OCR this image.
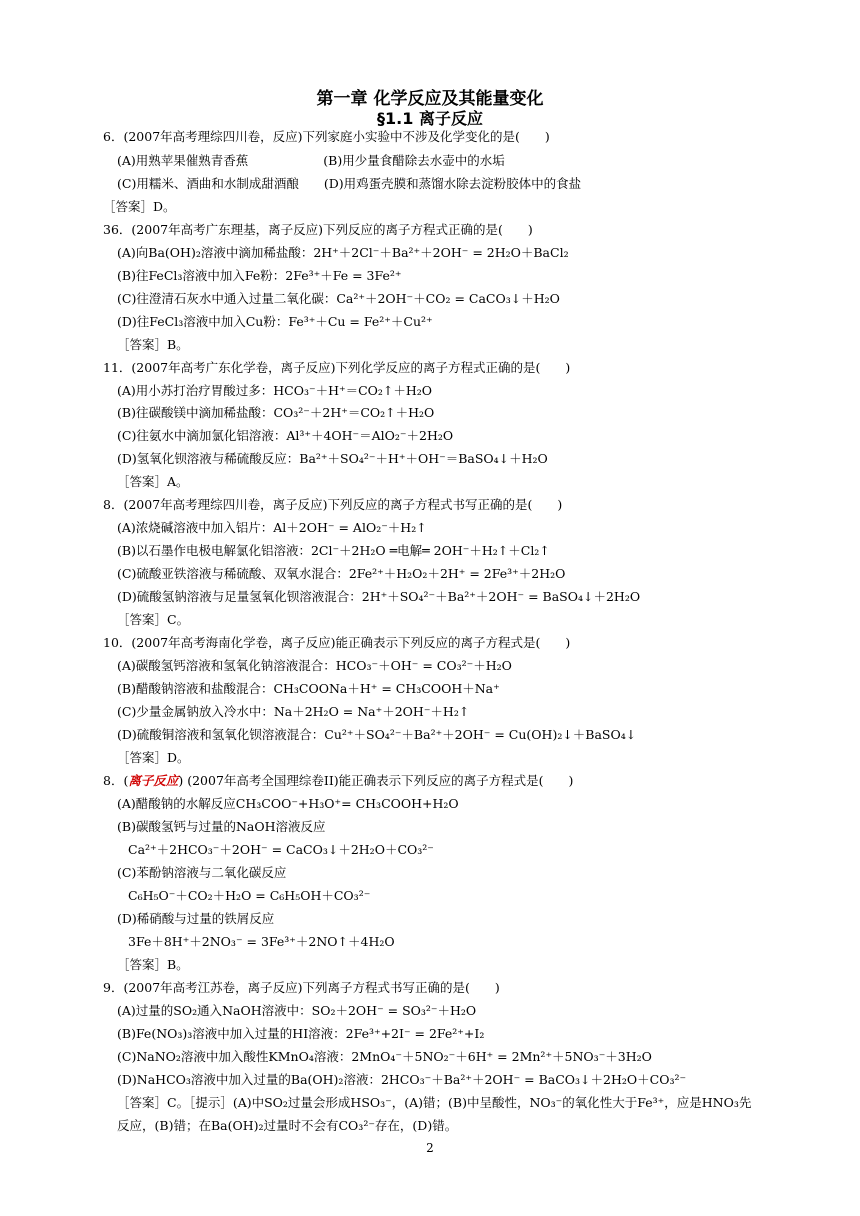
第一章 化学反应及其能量变化
§1.1 离子反应
6．(2007年高考理综四川卷，反应)下列家庭小实验中不涉及化学变化的是(　　)
(A)用熟苹果催熟青香蕉　　　　　　(B)用少量食醋除去水壶中的水垢
(C)用糯米、酒曲和水制成甜酒酿　　(D)用鸡蛋壳膜和蒸馏水除去淀粉胶体中的食盐
［答案］D。
36．(2007年高考广东理基，离子反应)下列反应的离子方程式正确的是(　　)
(A)向Ba(OH)₂溶液中滴加稀盐酸：2H⁺＋2Cl⁻＋Ba²⁺＋2OH⁻ = 2H₂O＋BaCl₂
(B)往FeCl₃溶液中加入Fe粉：2Fe³⁺＋Fe = 3Fe²⁺
(C)往澄清石灰水中通入过量二氧化碳：Ca²⁺＋2OH⁻＋CO₂ = CaCO₃↓＋H₂O
(D)往FeCl₃溶液中加入Cu粉：Fe³⁺＋Cu = Fe²⁺＋Cu²⁺
［答案］B。
11．(2007年高考广东化学卷，离子反应)下列化学反应的离子方程式正确的是(　　)
(A)用小苏打治疗胃酸过多：HCO₃⁻＋H⁺＝CO₂↑＋H₂O
(B)往碳酸镁中滴加稀盐酸：CO₃²⁻＋2H⁺＝CO₂↑＋H₂O
(C)往氨水中滴加氯化铝溶液：Al³⁺＋4OH⁻＝AlO₂⁻＋2H₂O
(D)氢氧化钡溶液与稀硫酸反应：Ba²⁺＋SO₄²⁻＋H⁺＋OH⁻＝BaSO₄↓＋H₂O
［答案］A。
8．(2007年高考理综四川卷，离子反应)下列反应的离子方程式书写正确的是(　　)
(A)浓烧碱溶液中加入铝片：Al＋2OH⁻ = AlO₂⁻＋H₂↑
(B)以石墨作电极电解氯化铝溶液：2Cl⁻＋2H₂O ═电解═ 2OH⁻＋H₂↑＋Cl₂↑
(C)硫酸亚铁溶液与稀硫酸、双氧水混合：2Fe²⁺＋H₂O₂＋2H⁺ = 2Fe³⁺＋2H₂O
(D)硫酸氢钠溶液与足量氢氧化钡溶液混合：2H⁺＋SO₄²⁻＋Ba²⁺＋2OH⁻ = BaSO₄↓＋2H₂O
［答案］C。
10．(2007年高考海南化学卷，离子反应)能正确表示下列反应的离子方程式是(　　)
(A)碳酸氢钙溶液和氢氧化钠溶液混合：HCO₃⁻＋OH⁻ = CO₃²⁻＋H₂O
(B)醋酸钠溶液和盐酸混合：CH₃COONa＋H⁺ = CH₃COOH＋Na⁺
(C)少量金属钠放入冷水中：Na＋2H₂O = Na⁺＋2OH⁻＋H₂↑
(D)硫酸铜溶液和氢氧化钡溶液混合：Cu²⁺＋SO₄²⁻＋Ba²⁺＋2OH⁻ = Cu(OH)₂↓＋BaSO₄↓
［答案］D。
8．(离子反应) (2007年高考全国理综卷II)能正确表示下列反应的离子方程式是(　　)
(A)醋酸钠的水解反应CH₃COO⁻+H₃O⁺= CH₃COOH+H₂O
(B)碳酸氢钙与过量的NaOH溶液反应
Ca²⁺＋2HCO₃⁻＋2OH⁻ = CaCO₃↓＋2H₂O＋CO₃²⁻
(C)苯酚钠溶液与二氧化碳反应
C₆H₅O⁻＋CO₂＋H₂O = C₆H₅OH＋CO₃²⁻
(D)稀硝酸与过量的铁屑反应
3Fe＋8H⁺＋2NO₃⁻ = 3Fe³⁺＋2NO↑＋4H₂O
［答案］B。
9．(2007年高考江苏卷，离子反应)下列离子方程式书写正确的是(　　)
(A)过量的SO₂通入NaOH溶液中：SO₂＋2OH⁻ = SO₃²⁻＋H₂O
(B)Fe(NO₃)₃溶液中加入过量的HI溶液：2Fe³⁺+2I⁻ = 2Fe²⁺+I₂
(C)NaNO₂溶液中加入酸性KMnO₄溶液：2MnO₄⁻＋5NO₂⁻＋6H⁺ = 2Mn²⁺＋5NO₃⁻＋3H₂O
(D)NaHCO₃溶液中加入过量的Ba(OH)₂溶液：2HCO₃⁻＋Ba²⁺＋2OH⁻ = BaCO₃↓＋2H₂O＋CO₃²⁻
［答案］C。［提示］(A)中SO₂过量会形成HSO₃⁻，(A)错；(B)中呈酸性，NO₃⁻的氧化性大于Fe³⁺，应是HNO₃先
反应，(B)错；在Ba(OH)₂过量时不会有CO₃²⁻存在，(D)错。
2
